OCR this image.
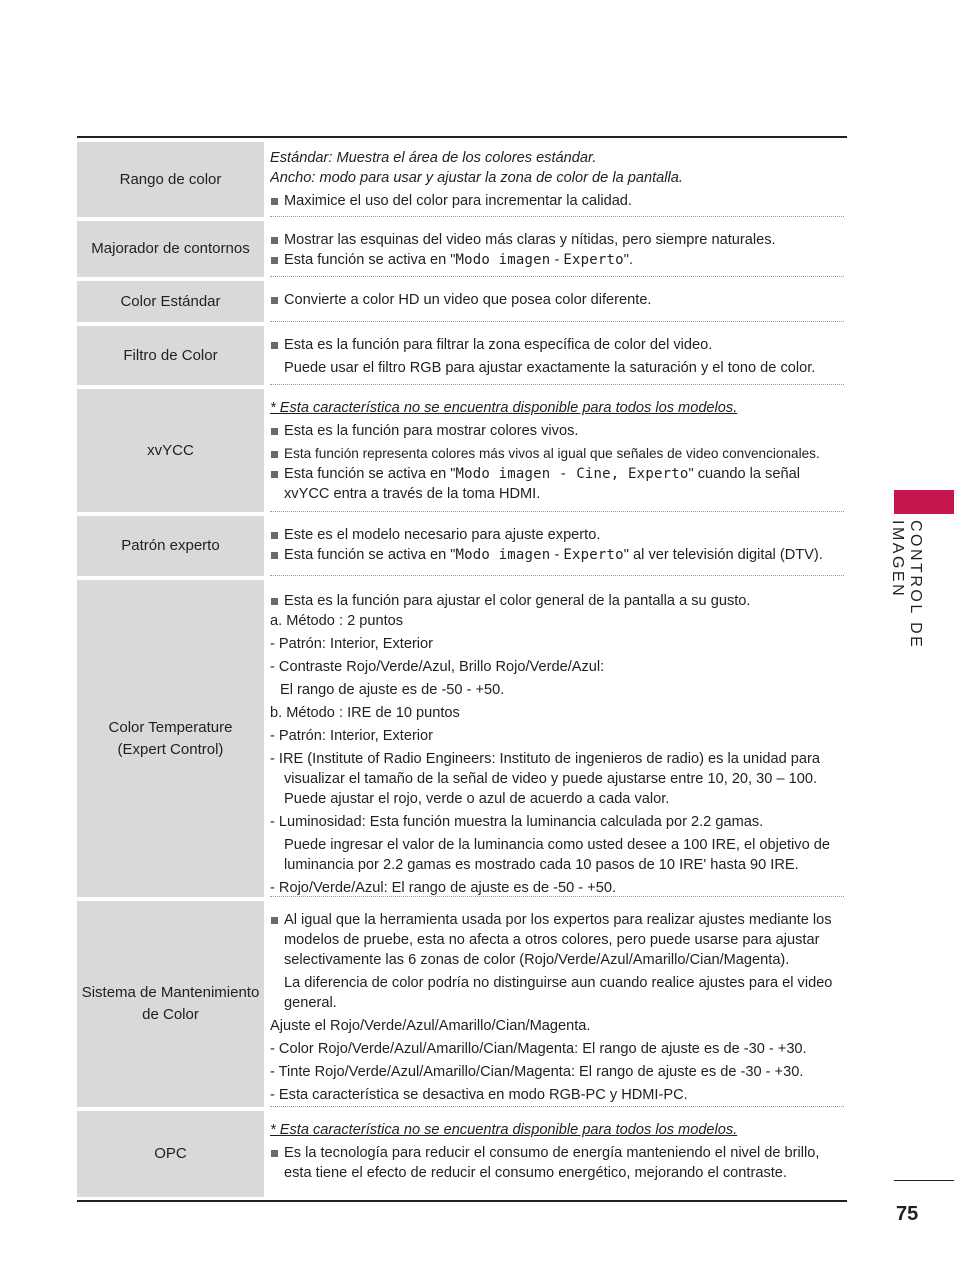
Rango de color
Estándar: Muestra el área de los colores estándar.
Ancho: modo para usar y ajustar la zona de color de la pantalla.
Maximice el uso del color para incrementar la calidad.
Majorador de contornos	Mostrar las esquinas del video más claras y nítidas, pero siempre naturales.
Esta función se activa en "Modo imagen - Experto".
Color Estándar	Convierte a color HD un video que posea color diferente.
Filtro de Color
Esta es la función para filtrar la zona específica de color del video.
Puede usar el filtro RGB para ajustar exactamente la saturación y el tono de color.
xvYCC
* Esta característica no se encuentra disponible para todos los modelos.
Esta es la función para mostrar colores vivos.
Esta función representa colores más vivos al igual que señales de video convencionales.
Esta función se activa en "Modo imagen - Cine, Experto" cuando la señal
xvYCC entra a través de la toma HDMI.
Patrón experto
Este es el modelo necesario para ajuste experto.
Esta función se activa en "Modo imagen - Experto" al ver televisión digital (DTV).
Color Temperature
(Expert Control)
Esta es la función para ajustar el color general de la pantalla a su gusto.
a. Método : 2 puntos
- Patrón: Interior, Exterior
- Contraste Rojo/Verde/Azul, Brillo Rojo/Verde/Azul:
El rango de ajuste es de -50 - +50.
b. Método : IRE de 10 puntos
- Patrón: Interior, Exterior
- IRE (Institute of Radio Engineers: Instituto de ingenieros de radio) es la unidad para
visualizar el tamaño de la señal de video y puede ajustarse entre 10, 20, 30 – 100.
Puede ajustar el rojo, verde o azul de acuerdo a cada valor.
- Luminosidad: Esta función muestra la luminancia calculada por 2.2 gamas.
Puede ingresar el valor de la luminancia como usted desee a 100 IRE, el objetivo de
luminancia por 2.2 gamas es mostrado cada 10 pasos de 10 IRE' hasta 90 IRE.
- Rojo/Verde/Azul: El rango de ajuste es de -50 - +50.
Sistema de Mantenimiento
de Color
Al igual que la herramienta usada por los expertos para realizar ajustes mediante los
modelos de pruebe, esta no afecta a otros colores, pero puede usarse para ajustar
selectivamente las 6 zonas de color (Rojo/Verde/Azul/Amarillo/Cian/Magenta).
La diferencia de color podría no distinguirse aun cuando realice ajustes para el video
general.
Ajuste el Rojo/Verde/Azul/Amarillo/Cian/Magenta.
- Color Rojo/Verde/Azul/Amarillo/Cian/Magenta: El rango de ajuste es de -30 - +30.
- Tinte Rojo/Verde/Azul/Amarillo/Cian/Magenta: El rango de ajuste es de -30 - +30.
- Esta característica se desactiva en modo RGB-PC y HDMI-PC.
OPC
* Esta característica no se encuentra disponible para todos los modelos.
Es la tecnología para reducir el consumo de energía manteniendo el nivel de brillo,
esta tiene el efecto de reducir el consumo energético, mejorando el contraste.
CONTROL DE IMAGEN
75
